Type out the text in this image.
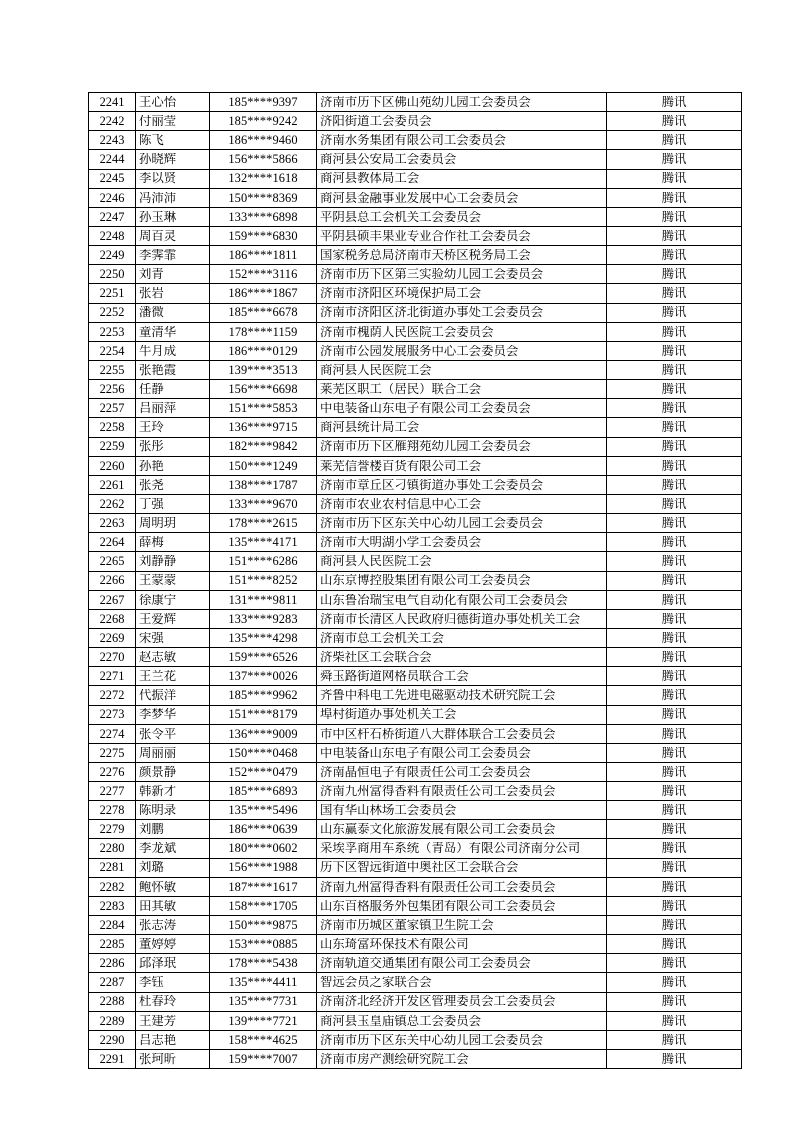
2241	王心怡	185****9397	济南市历下区佛山苑幼儿园工会委员会	腾讯

2242	付丽莹	185****9242	济阳街道工会委员会	腾讯

2243	陈飞	186****9460	济南水务集团有限公司工会委员会	腾讯

2244	孙晓辉	156****5866	商河县公安局工会委员会	腾讯

2245	李以贤	132****1618	商河县教体局工会	腾讯

2246	冯沛沛	150****8369	商河县金融事业发展中心工会委员会	腾讯

2247	孙玉琳	133****6898	平阴县总工会机关工会委员会	腾讯

2248	周百灵	159****6830	平阴县硕丰果业专业合作社工会委员会	腾讯

2249	李霁霏	186****1811	国家税务总局济南市天桥区税务局工会	腾讯

2250	刘青	152****3116	济南市历下区第三实验幼儿园工会委员会	腾讯

2251	张岩	186****1867	济南市济阳区环境保护局工会	腾讯

2252	潘微	185****6678	济南市济阳区济北街道办事处工会委员会	腾讯

2253	童清华	178****1159	济南市槐荫人民医院工会委员会	腾讯

2254	牛月成	186****0129	济南市公园发展服务中心工会委员会	腾讯

2255	张艳霞	139****3513	商河县人民医院工会	腾讯

2256	任静	156****6698	莱芜区职工（居民）联合工会	腾讯

2257	吕丽萍	151****5853	中电装备山东电子有限公司工会委员会	腾讯

2258	王玲	136****9715	商河县统计局工会	腾讯

2259	张彤	182****9842	济南市历下区雁翔苑幼儿园工会委员会	腾讯

2260	孙艳	150****1249	莱芜信誉楼百货有限公司工会	腾讯

2261	张尧	138****1787	济南市章丘区刁镇街道办事处工会委员会	腾讯

2262	丁强	133****9670	济南市农业农村信息中心工会	腾讯

2263	周明玥	178****2615	济南市历下区东关中心幼儿园工会委员会	腾讯

2264	薛梅	135****4171	济南市大明湖小学工会委员会	腾讯

2265	刘静静	151****6286	商河县人民医院工会	腾讯

2266	王蒙蒙	151****8252	山东京博控股集团有限公司工会委员会	腾讯

2267	徐康宁	131****9811	山东鲁冶瑞宝电气自动化有限公司工会委员会	腾讯

2268	王爱辉	133****9283	济南市长清区人民政府归德街道办事处机关工会	腾讯

2269	宋强	135****4298	济南市总工会机关工会	腾讯

2270	赵志敏	159****6526	济柴社区工会联合会	腾讯

2271	王兰花	137****0026	舜玉路街道网格员联合工会	腾讯

2272	代振洋	185****9962	齐鲁中科电工先进电磁驱动技术研究院工会	腾讯

2273	李梦华	151****8179	埠村街道办事处机关工会	腾讯

2274	张令平	136****9009	市中区杆石桥街道八大群体联合工会委员会	腾讯

2275	周丽丽	150****0468	中电装备山东电子有限公司工会委员会	腾讯

2276	颜景静	152****0479	济南晶恒电子有限责任公司工会委员会	腾讯

2277	韩新才	185****6893	济南九州富得香料有限责任公司工会委员会	腾讯

2278	陈明录	135****5496	国有华山林场工会委员会	腾讯

2279	刘鹏	186****0639	山东赢泰文化旅游发展有限公司工会委员会	腾讯

2280	李龙斌	180****0602	采埃孚商用车系统（青岛）有限公司济南分公司	腾讯

2281	刘璐	156****1988	历下区智远街道中奥社区工会联合会	腾讯

2282	鲍怀敏	187****1617	济南九州富得香料有限责任公司工会委员会	腾讯

2283	田其敏	158****1705	山东百格服务外包集团有限公司工会委员会	腾讯

2284	张志涛	150****9875	济南市历城区董家镇卫生院工会	腾讯

2285	董婷婷	153****0885	山东琦富环保技术有限公司	腾讯

2286	邱泽珉	178****5438	济南轨道交通集团有限公司工会委员会	腾讯

2287	李钰	135****4411	智远会员之家联合会	腾讯

2288	杜春玲	135****7731	济南济北经济开发区管理委员会工会委员会	腾讯

2289	王建芳	139****7721	商河县玉皇庙镇总工会委员会	腾讯

2290	吕志艳	158****4625	济南市历下区东关中心幼儿园工会委员会	腾讯

2291	张珂昕	159****7007	济南市房产测绘研究院工会	腾讯
